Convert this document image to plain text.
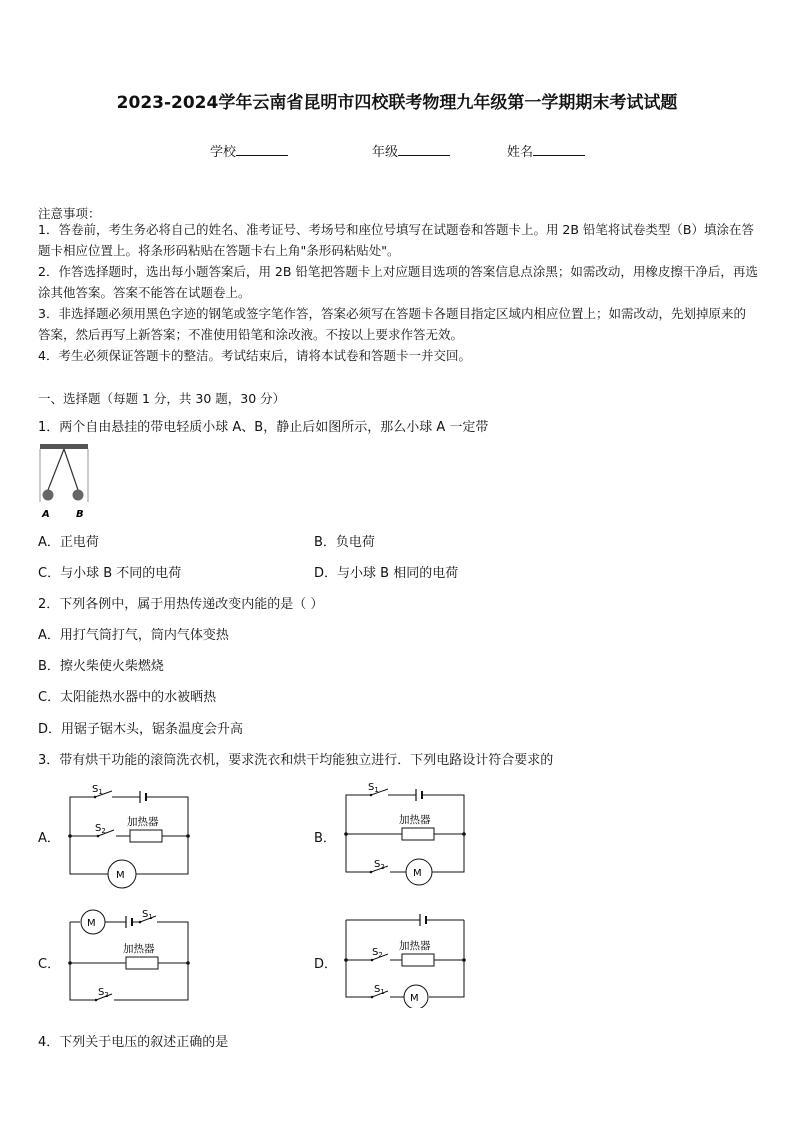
2023-2024学年云南省昆明市四校联考物理九年级第一学期期末考试试题
学校	年级	姓名
注意事项：
1．答卷前，考生务必将自己的姓名、准考证号、考场号和座位号填写在试题卷和答题卡上。用 2B 铅笔将试卷类型（B）填涂在答题卡相应位置上。将条形码粘贴在答题卡右上角"条形码粘贴处"。
2．作答选择题时，选出每小题答案后，用 2B 铅笔把答题卡上对应题目选项的答案信息点涂黑；如需改动，用橡皮擦干净后，再选涂其他答案。答案不能答在试题卷上。
3．非选择题必须用黑色字迹的钢笔或签字笔作答，答案必须写在答题卡各题目指定区域内相应位置上；如需改动，先划掉原来的答案，然后再写上新答案；不准使用铅笔和涂改液。不按以上要求作答无效。
4．考生必须保证答题卡的整洁。考试结束后，请将本试卷和答题卡一并交回。
一、选择题（每题 1 分，共 30 题，30 分）
1．两个自由悬挂的带电轻质小球 A、B，静止后如图所示，那么小球 A 一定带
A	B
A．正电荷	B．负电荷
C．与小球 B 不同的电荷	D．与小球 B 相同的电荷
2．下列各例中，属于用热传递改变内能的是（ ）
A．用打气筒打气，筒内气体变热
B．擦火柴使火柴燃烧
C．太阳能热水器中的水被晒热
D．用锯子锯木头，锯条温度会升高
3．带有烘干功能的滚筒洗衣机，要求洗衣和烘干均能独立进行．下列电路设计符合要求的
A．	B．
C．	D．
$S_1$
$S_2$
加热器
M
$S_1$
$S_2$
加热器
M
M
$S_1$
$S_2$
加热器	$S_2$
$S_1$
加热器
M
4．下列关于电压的叙述正确的是
